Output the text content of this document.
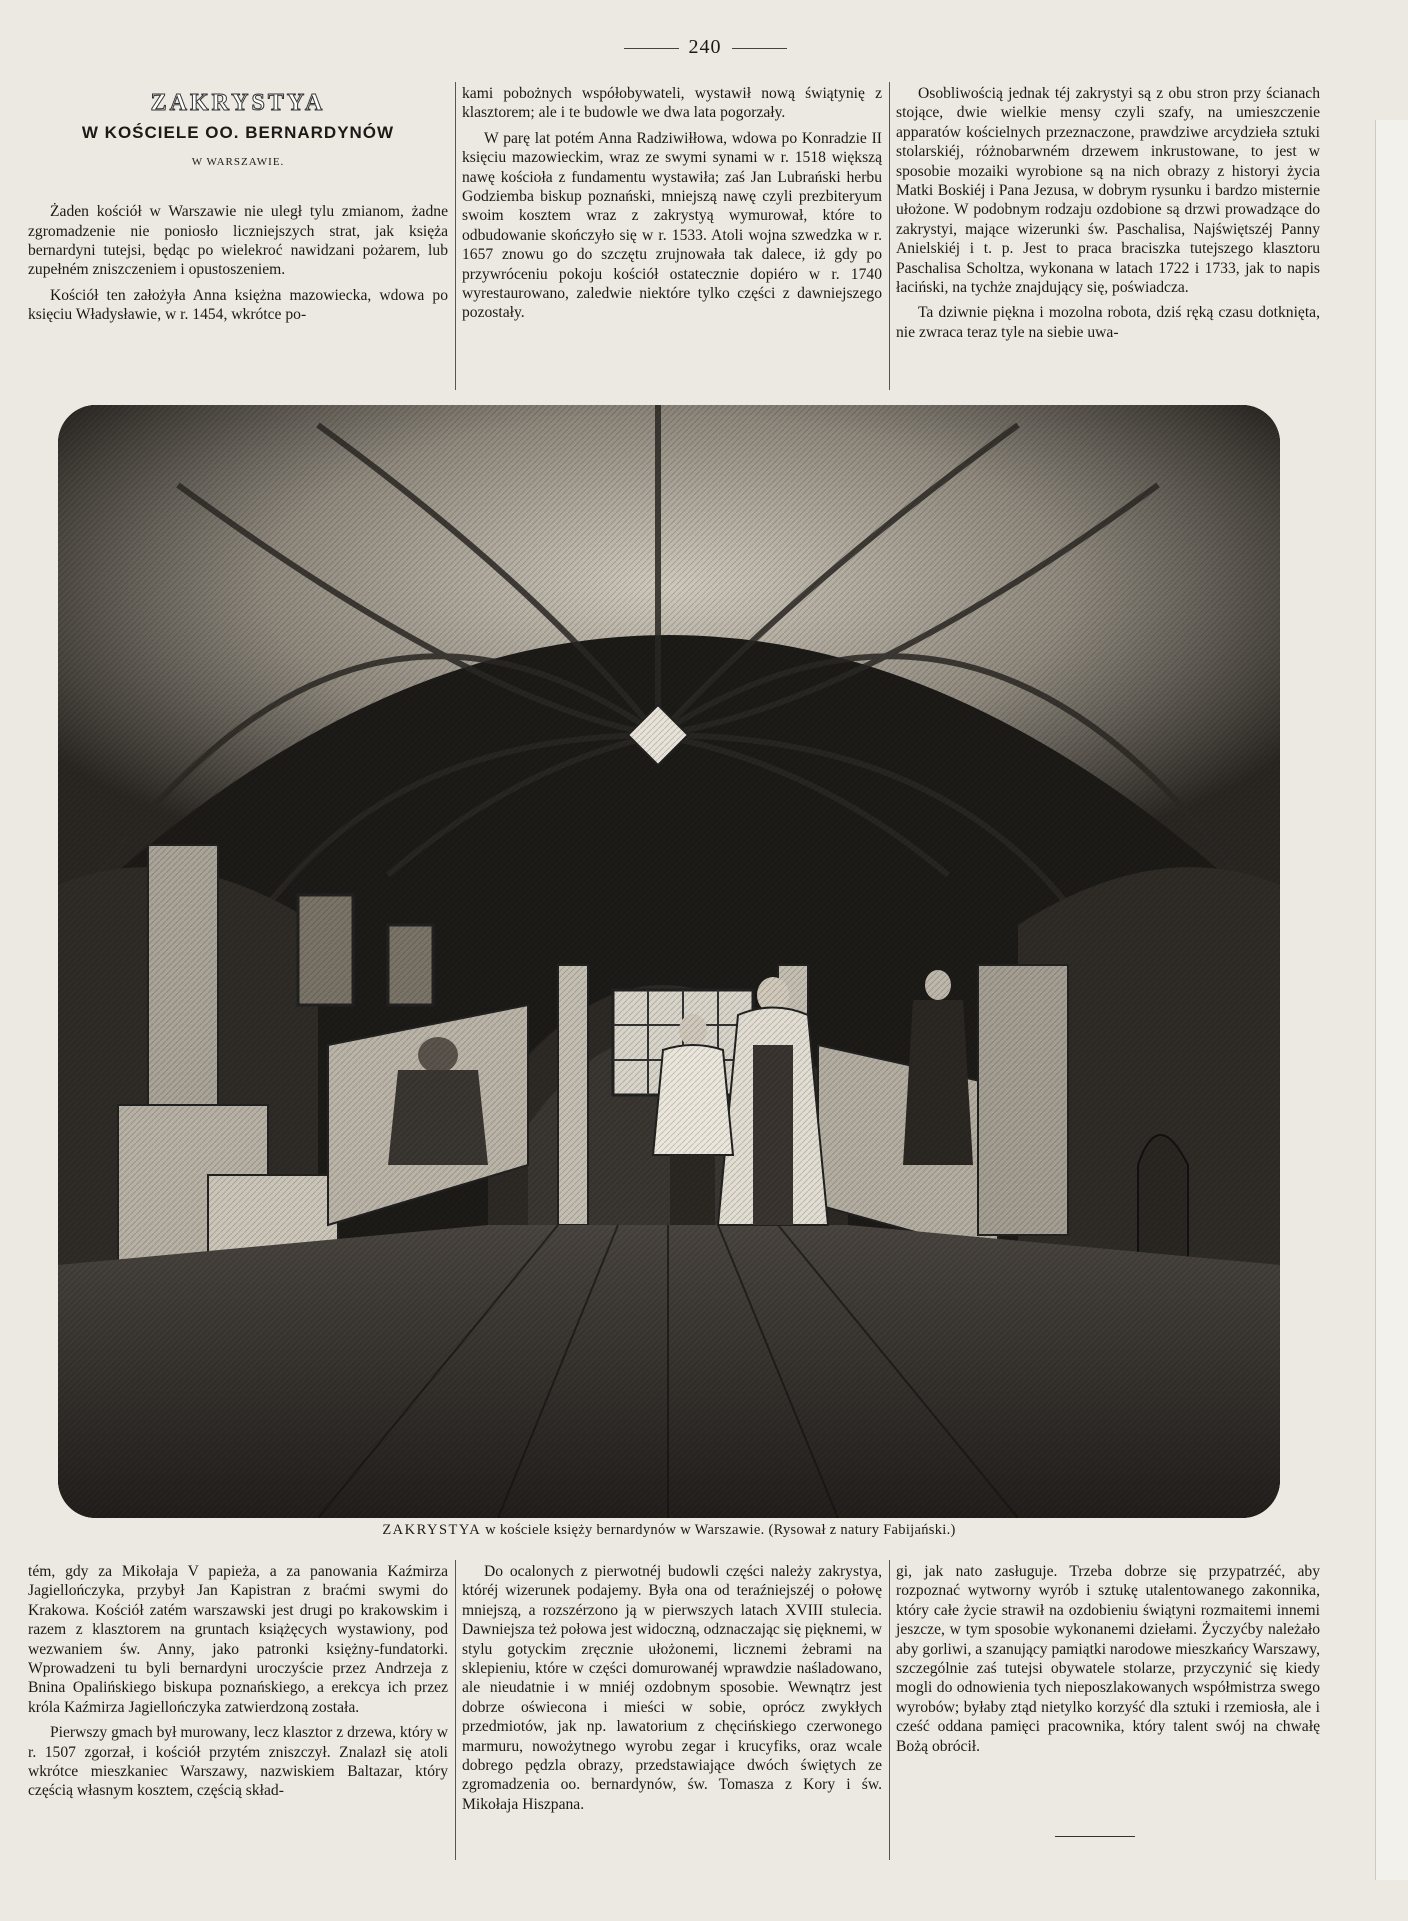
240
ZAKRYSTYA
W KOŚCIELE OO. BERNARDYNÓW
W WARSZAWIE.

Żaden kościół w Warszawie nie uległ tylu zmianom, żadne zgromadzenie nie poniosło liczniejszych strat, jak księża bernardyni tutejsi, będąc po wielekroć nawidzani pożarem, lub zupełném zniszczeniem i opustoszeniem.

Kościół ten założyła Anna księżna mazowiecka, wdowa po księciu Władysławie, w r. 1454, wkrótce po-

kami pobożnych współobywateli, wystawił nową świątynię z klasztorem; ale i te budowle we dwa lata pogorzały.

W parę lat potém Anna Radziwiłłowa, wdowa po Konradzie II księciu mazowieckim, wraz ze swymi synami w r. 1518 większą nawę kościoła z fundamentu wystawiła; zaś Jan Lubrański herbu Godziemba biskup poznański, mniejszą nawę czyli prezbiteryum swoim kosztem wraz z zakrystyą wymurował, które to odbudowanie skończyło się w r. 1533. Atoli wojna szwedzka w r. 1657 znowu go do szczętu zrujnowała tak dalece, iż gdy po przywróceniu pokoju kościół ostatecznie dopiéro w r. 1740 wyrestaurowano, zaledwie niektóre tylko części z dawniejszego pozostały.

Osobliwością jednak téj zakrystyi są z obu stron przy ścianach stojące, dwie wielkie mensy czyli szafy, na umieszczenie apparatów kościelnych przeznaczone, prawdziwe arcydzieła sztuki stolarskiéj, różnobarwném drzewem inkrustowane, to jest w sposobie mozaiki wyrobione są na nich obrazy z historyi życia Matki Boskiéj i Pana Jezusa, w dobrym rysunku i bardzo misternie ułożone. W podobnym rodzaju ozdobione są drzwi prowadzące do zakrystyi, mające wizerunki św. Paschalisa, Najświętszéj Panny Anielskiéj i t. p. Jest to praca braciszka tutejszego klasztoru Paschalisa Scholtza, wykonana w latach 1722 i 1733, jak to napis łaciński, na tychże znajdujący się, poświadcza.

Ta dziwnie piękna i mozolna robota, dziś ręką czasu dotknięta, nie zwraca teraz tyle na siebie uwa-

ZAKRYSTYA w kościele księży bernardynów w Warszawie. (Rysował z natury Fabijański.)

tém, gdy za Mikołaja V papieża, a za panowania Kaźmirza Jagiellończyka, przybył Jan Kapistran z braćmi swymi do Krakowa. Kościół zatém warszawski jest drugi po krakowskim i razem z klasztorem na gruntach książęcych wystawiony, pod wezwaniem św. Anny, jako patronki księżny-fundatorki. Wprowadzeni tu byli bernardyni uroczyście przez Andrzeja z Bnina Opalińskiego biskupa poznańskiego, a erekcya ich przez króla Kaźmirza Jagiellończyka zatwierdzoną została.

Pierwszy gmach był murowany, lecz klasztor z drzewa, który w r. 1507 zgorzał, i kościół przytém zniszczył. Znalazł się atoli wkrótce mieszkaniec Warszawy, nazwiskiem Baltazar, który częścią własnym kosztem, częścią skład-

Do ocalonych z pierwotnéj budowli części należy zakrystya, któréj wizerunek podajemy. Była ona od teraźniejszéj o połowę mniejszą, a rozszérzono ją w pierwszych latach XVIII stulecia. Dawniejsza też połowa jest widoczną, odznaczając się pięknemi, w stylu gotyckim zręcznie ułożonemi, licznemi żebrami na sklepieniu, które w części domurowanéj wprawdzie naśladowano, ale nieudatnie i w mniéj ozdobnym sposobie. Wewnątrz jest dobrze oświecona i mieści w sobie, oprócz zwykłych przedmiotów, jak np. lawatorium z chęcińskiego czerwonego marmuru, nowożytnego wyrobu zegar i krucyfiks, oraz wcale dobrego pędzla obrazy, przedstawiające dwóch świętych ze zgromadzenia oo. bernardynów, św. Tomasza z Kory i św. Mikołaja Hiszpana.

gi, jak nato zasługuje. Trzeba dobrze się przypatrzéć, aby rozpoznać wytworny wyrób i sztukę utalentowanego zakonnika, który całe życie strawił na ozdobieniu świątyni rozmaitemi innemi jeszcze, w tym sposobie wykonanemi dziełami. Życzyćby należało aby gorliwi, a szanujący pamiątki narodowe mieszkańcy Warszawy, szczególnie zaś tutejsi obywatele stolarze, przyczynić się kiedy mogli do odnowienia tych nieposzlakowanych współmistrza swego wyrobów; byłaby ztąd nietylko korzyść dla sztuki i rzemiosła, ale i cześć oddana pamięci pracownika, który talent swój na chwałę Bożą obrócił.
